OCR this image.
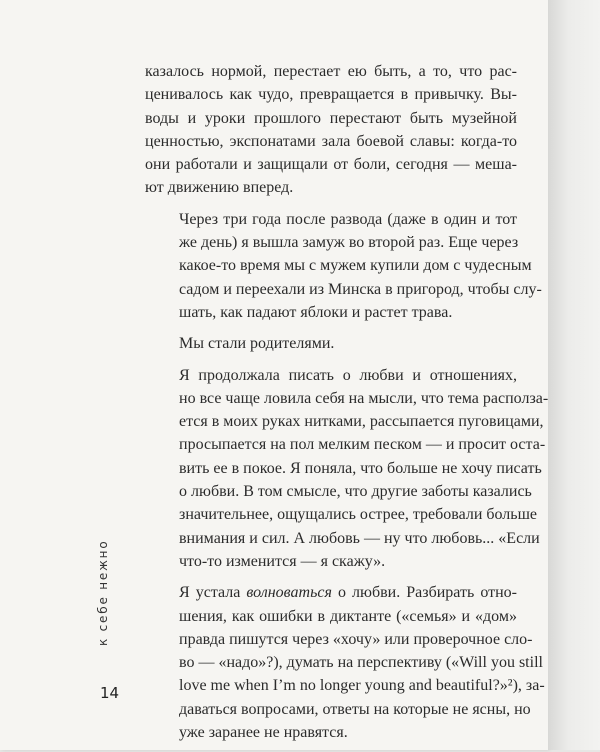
казалось нормой, перестает ею быть, а то, что рас-
ценивалось как чудо, превращается в привычку. Вы-
воды и уроки прошлого перестают быть музейной
ценностью, экспонатами зала боевой славы: когда-то
они работали и защищали от боли, сегодня — меша-
ют движению вперед.

Через три года после развода (даже в один и тот
же день) я вышла замуж во второй раз. Еще через
какое-то время мы с мужем купили дом с чудесным
садом и переехали из Минска в пригород, чтобы слу-
шать, как падают яблоки и растет трава.

Мы стали родителями.

Я продолжала писать о любви и отношениях,
но все чаще ловила себя на мысли, что тема располза-
ется в моих руках нитками, рассыпается пуговицами,
просыпается на пол мелким песком — и просит оста-
вить ее в покое. Я поняла, что больше не хочу писать
о любви. В том смысле, что другие заботы казались
значительнее, ощущались острее, требовали больше
внимания и сил. А любовь — ну что любовь... «Если
что-то изменится — я скажу».

Я устала волноваться о любви. Разбирать отно-
шения, как ошибки в диктанте («семья» и «дом»
правда пишутся через «хочу» или проверочное сло-
во — «надо»?), думать на перспективу («Will you still
love me when I’m no longer young and beautiful?»²), за-
даваться вопросами, ответы на которые не ясны, но
уже заранее не нравятся.

к себе нежно
14
